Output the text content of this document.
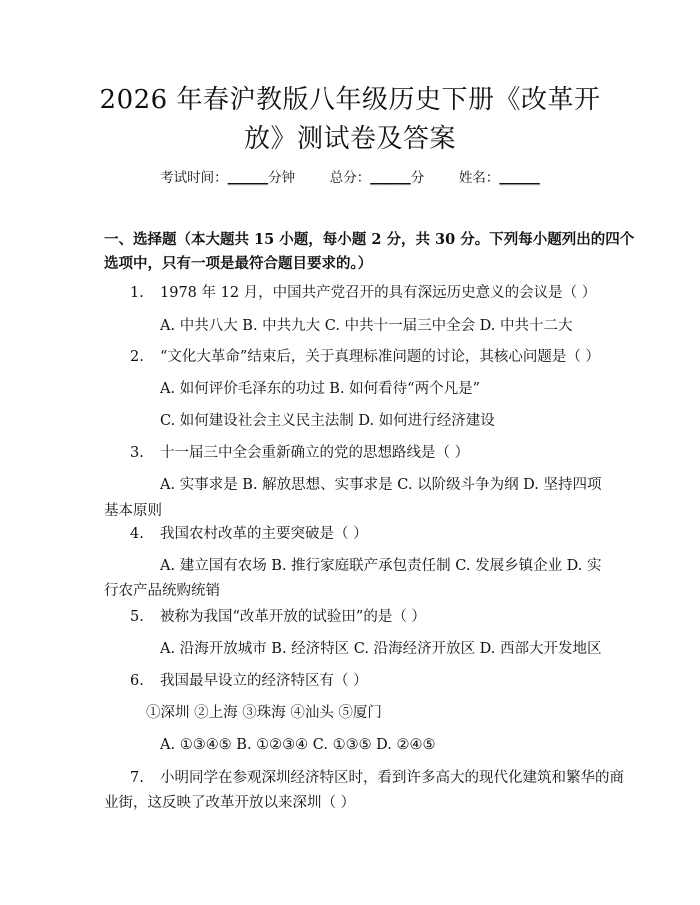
2026 年春沪教版八年级历史下册《改革开
放》测试卷及答案
考试时间：______分钟	总分：______分	姓名：______
一、选择题（本大题共 15 小题，每小题 2 分，共 30 分。下列每小题列出的四个
选项中，只有一项是最符合题目要求的。）
1. 1978 年 12 月，中国共产党召开的具有深远历史意义的会议是（ ）
A. 中共八大 B. 中共九大 C. 中共十一届三中全会 D. 中共十二大
2. “文化大革命”结束后，关于真理标准问题的讨论，其核心问题是（ ）
A. 如何评价毛泽东的功过 B. 如何看待“两个凡是”
C. 如何建设社会主义民主法制 D. 如何进行经济建设
3. 十一届三中全会重新确立的党的思想路线是（ ）
A. 实事求是 B. 解放思想、实事求是 C. 以阶级斗争为纲 D. 坚持四项
基本原则
4. 我国农村改革的主要突破是（ ）
A. 建立国有农场 B. 推行家庭联产承包责任制 C. 发展乡镇企业 D. 实
行农产品统购统销
5. 被称为我国“改革开放的试验田”的是（ ）
A. 沿海开放城市 B. 经济特区 C. 沿海经济开放区 D. 西部大开发地区
6. 我国最早设立的经济特区有（ ）
①深圳 ②上海 ③珠海 ④汕头 ⑤厦门
A. ①③④⑤ B. ①②③④ C. ①③⑤ D. ②④⑤
7. 小明同学在参观深圳经济特区时，看到许多高大的现代化建筑和繁华的商
业街，这反映了改革开放以来深圳（ ）
